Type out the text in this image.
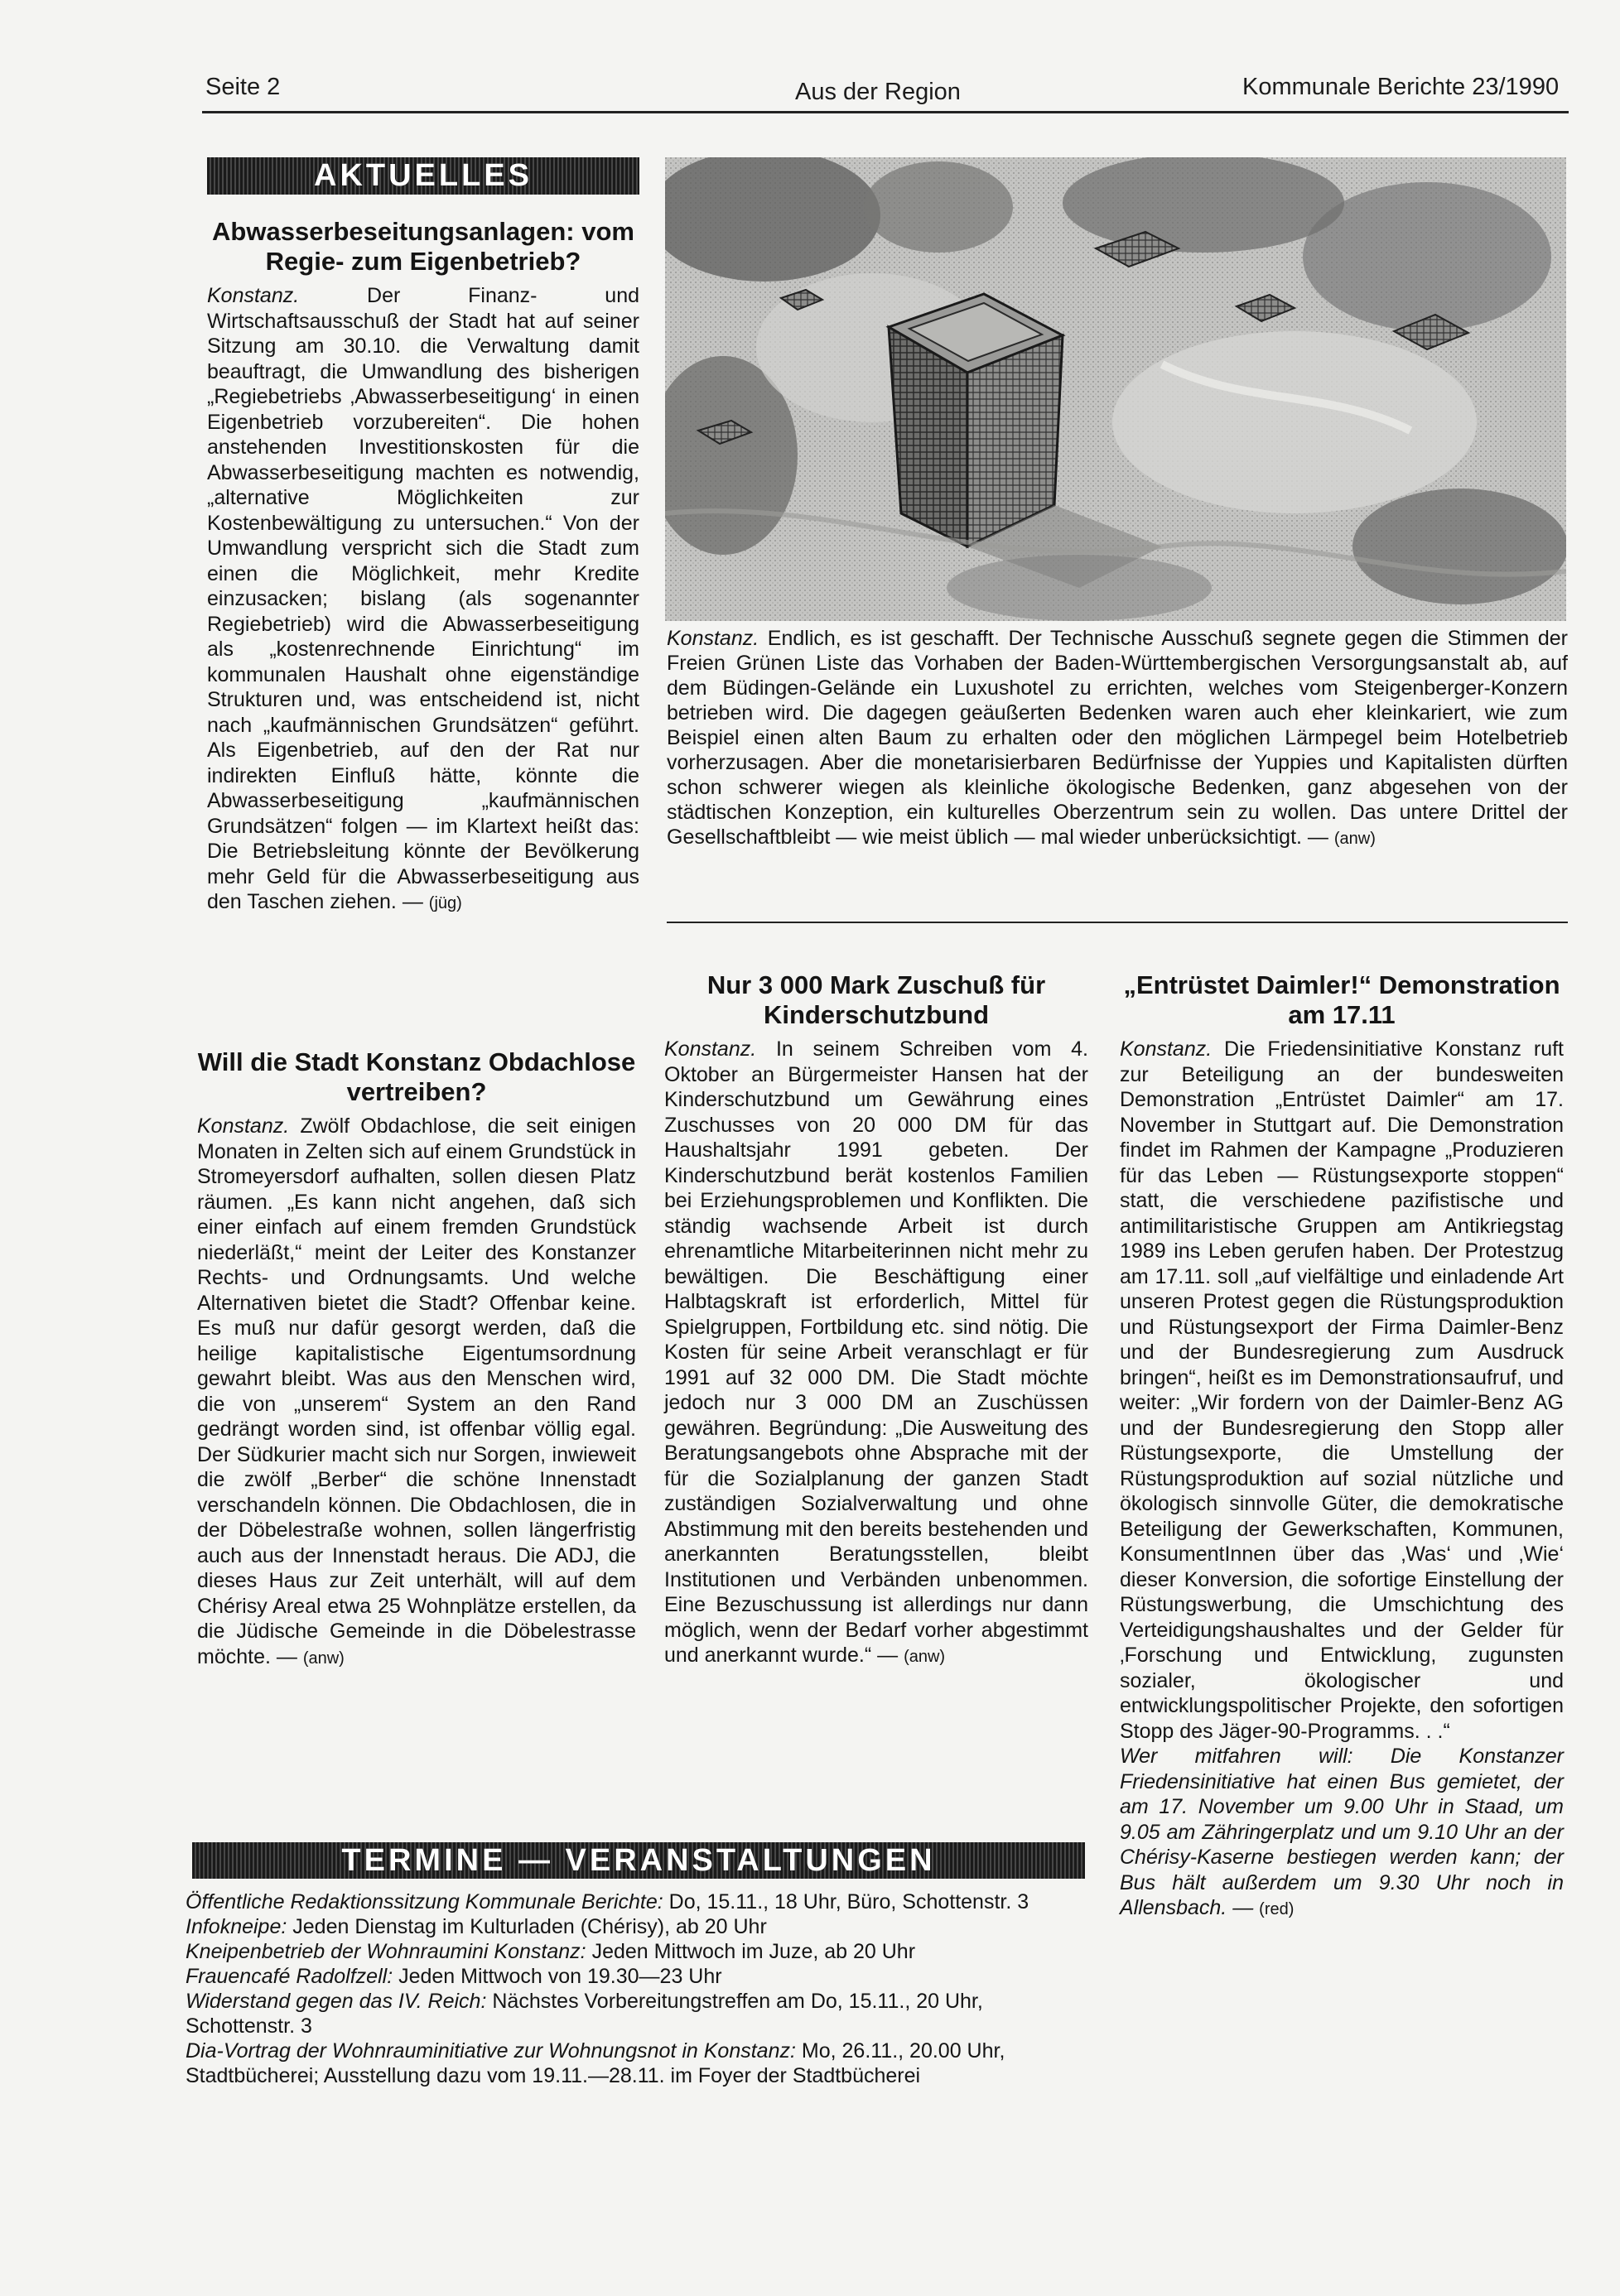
Seite 2	Aus der Region	Kommunale Berichte 23/1990
AKTUELLES
Abwasserbeseitungsanlagen: vom Regie- zum Eigenbetrieb?

Konstanz.	Der Finanz- und Wirtschaftsausschuß der Stadt hat auf seiner Sitzung am 30.10. die Verwaltung damit beauftragt, die Umwandlung des bisherigen „Regiebetriebs ‚Abwasserbeseitigung‘ in einen Eigenbetrieb vorzubereiten“. Die hohen anstehenden Investitionskosten für die Abwasserbeseitigung machten es notwendig, „alternative Möglichkeiten zur Kostenbewältigung zu untersuchen.“ Von der Umwandlung verspricht sich die Stadt zum einen die Möglichkeit, mehr Kredite einzusacken; bislang (als sogenannter Regiebetrieb) wird die Abwasserbeseitigung als „kostenrechnende Einrichtung“ im kommunalen Haushalt ohne eigenständige Strukturen und, was entscheidend ist, nicht nach „kaufmännischen Grundsätzen“ geführt. Als Eigenbetrieb, auf den der Rat nur indirekten Einfluß hätte, könnte die Abwasserbeseitigung „kaufmännischen Grundsätzen“ folgen — im Klartext heißt das: Die Betriebsleitung könnte der Bevölkerung mehr Geld für die Abwasserbeseitigung aus den Taschen ziehen. — (jüg)

Will die Stadt Konstanz Obdachlose vertreiben?

Konstanz. Zwölf Obdachlose, die seit einigen Monaten in Zelten sich auf einem Grundstück in Stromeyersdorf aufhalten, sollen diesen Platz räumen. „Es kann nicht angehen, daß sich einer einfach auf einem fremden Grundstück niederläßt,“ meint der Leiter des Konstanzer Rechts- und Ordnungsamts. Und welche Alternativen bietet die Stadt? Offenbar keine. Es muß nur dafür gesorgt werden, daß die heilige kapitalistische Eigentumsordnung gewahrt bleibt. Was aus den Menschen wird, die von „unserem“ System an den Rand gedrängt worden sind, ist offenbar völlig egal. Der Südkurier macht sich nur Sorgen, inwieweit die zwölf „Berber“ die schöne Innenstadt verschandeln können. Die Obdachlosen, die in der Döbelestraße wohnen, sollen längerfristig auch aus der Innenstadt heraus. Die ADJ, die dieses Haus zur Zeit unterhält, will auf dem Chérisy Areal etwa 25 Wohnplätze erstellen, da die Jüdische Gemeinde in die Döbelestrasse möchte. — (anw)

Konstanz. Endlich, es ist geschafft. Der Technische Ausschuß segnete gegen die Stimmen der Freien Grünen Liste das Vorhaben der Baden-Württembergischen Versorgungsanstalt ab, auf dem Büdingen-Gelände ein Luxushotel zu errichten, welches vom Steigenberger-Konzern betrieben wird. Die dagegen geäußerten Bedenken waren auch eher kleinkariert, wie zum Beispiel einen alten Baum zu erhalten oder den möglichen Lärmpegel beim Hotelbetrieb vorherzusagen. Aber die monetarisierbaren Bedürfnisse der Yuppies und Kapitalisten dürften schon schwerer wiegen als kleinliche ökologische Bedenken, ganz abgesehen von der städtischen Konzeption, ein kulturelles Oberzentrum sein zu wollen. Das untere Drittel der Gesellschaftbleibt — wie meist üblich — mal wieder unberücksichtigt. — (anw)
Nur 3 000 Mark Zuschuß für Kinderschutzbund

Konstanz. In seinem Schreiben vom 4. Oktober an Bürgermeister Hansen hat der Kinderschutzbund um Gewährung eines Zuschusses von 20 000 DM für das Haushaltsjahr 1991 gebeten. Der Kinderschutzbund berät kostenlos Familien bei Erziehungsproblemen und Konflikten. Die ständig wachsende Arbeit ist durch ehrenamtliche Mitarbeiterinnen nicht mehr zu bewältigen. Die Beschäftigung einer Halbtagskraft ist erforderlich, Mittel für Spielgruppen, Fortbildung etc. sind nötig. Die Kosten für seine Arbeit veranschlagt er für 1991 auf 32 000 DM. Die Stadt möchte jedoch nur 3 000 DM an Zuschüssen gewähren. Begründung: „Die Ausweitung des Beratungsangebots ohne Absprache mit der für die Sozialplanung der ganzen Stadt zuständigen Sozialverwaltung und ohne Abstimmung mit den bereits bestehenden und anerkannten Beratungsstellen, bleibt Institutionen und Verbänden unbenommen. Eine Bezuschussung ist allerdings nur dann möglich, wenn der Bedarf vorher abgestimmt und anerkannt wurde.“ — (anw)

„Entrüstet Daimler!“ Demonstration am 17.11

Konstanz. Die Friedensinitiative Konstanz ruft zur Beteiligung an der bundesweiten Demonstration „Entrüstet Daimler“ am 17. November in Stuttgart auf. Die Demonstration findet im Rahmen der Kampagne „Produzieren für das Leben — Rüstungsexporte stoppen“ statt, die verschiedene pazifistische und antimilitaristische Gruppen am Antikriegstag 1989 ins Leben gerufen haben. Der Protestzug am 17.11. soll „auf vielfältige und einladende Art unseren Protest gegen die Rüstungsproduktion und Rüstungsexport der Firma Daimler-Benz und der Bundesregierung zum Ausdruck bringen“, heißt es im Demonstrationsaufruf, und weiter: „Wir fordern von der Daimler-Benz AG und der Bundesregierung den Stopp aller Rüstungsexporte, die Umstellung der Rüstungsproduktion auf sozial nützliche und ökologisch sinnvolle Güter, die demokratische Beteiligung der Gewerkschaften, Kommunen, KonsumentInnen über das ‚Was‘ und ‚Wie‘ dieser Konversion, die sofortige Einstellung der Rüstungswerbung, die Umschichtung des Verteidigungshaushaltes und der Gelder für ‚Forschung und Entwicklung, zugunsten sozialer, ökologischer und entwicklungspolitischer Projekte, den sofortigen Stopp des Jäger-90-Programms. . .“

Wer mitfahren will: Die Konstanzer Friedensinitiative hat einen Bus gemietet, der am 17. November um 9.00 Uhr in Staad, um 9.05 am Zähringerplatz und um 9.10 Uhr an der Chérisy-Kaserne bestiegen werden kann; der Bus hält außerdem um 9.30 Uhr noch in Allensbach. — (red)

TERMINE — VERANSTALTUNGEN

Öffentliche Redaktionssitzung Kommunale Berichte: Do, 15.11., 18 Uhr, Büro, Schottenstr. 3

Infokneipe: Jeden Dienstag im Kulturladen (Chérisy), ab 20 Uhr

Kneipenbetrieb der Wohnraumini Konstanz: Jeden Mittwoch im Juze, ab 20 Uhr

Frauencafé Radolfzell: Jeden Mittwoch von 19.30—23 Uhr

Widerstand gegen das IV. Reich: Nächstes Vorbereitungstreffen am Do, 15.11., 20 Uhr, Schottenstr. 3

Dia-Vortrag der Wohnrauminitiative zur Wohnungsnot in Konstanz: Mo, 26.11., 20.00 Uhr, Stadtbücherei; Ausstellung dazu vom 19.11.—28.11. im Foyer der Stadtbücherei
